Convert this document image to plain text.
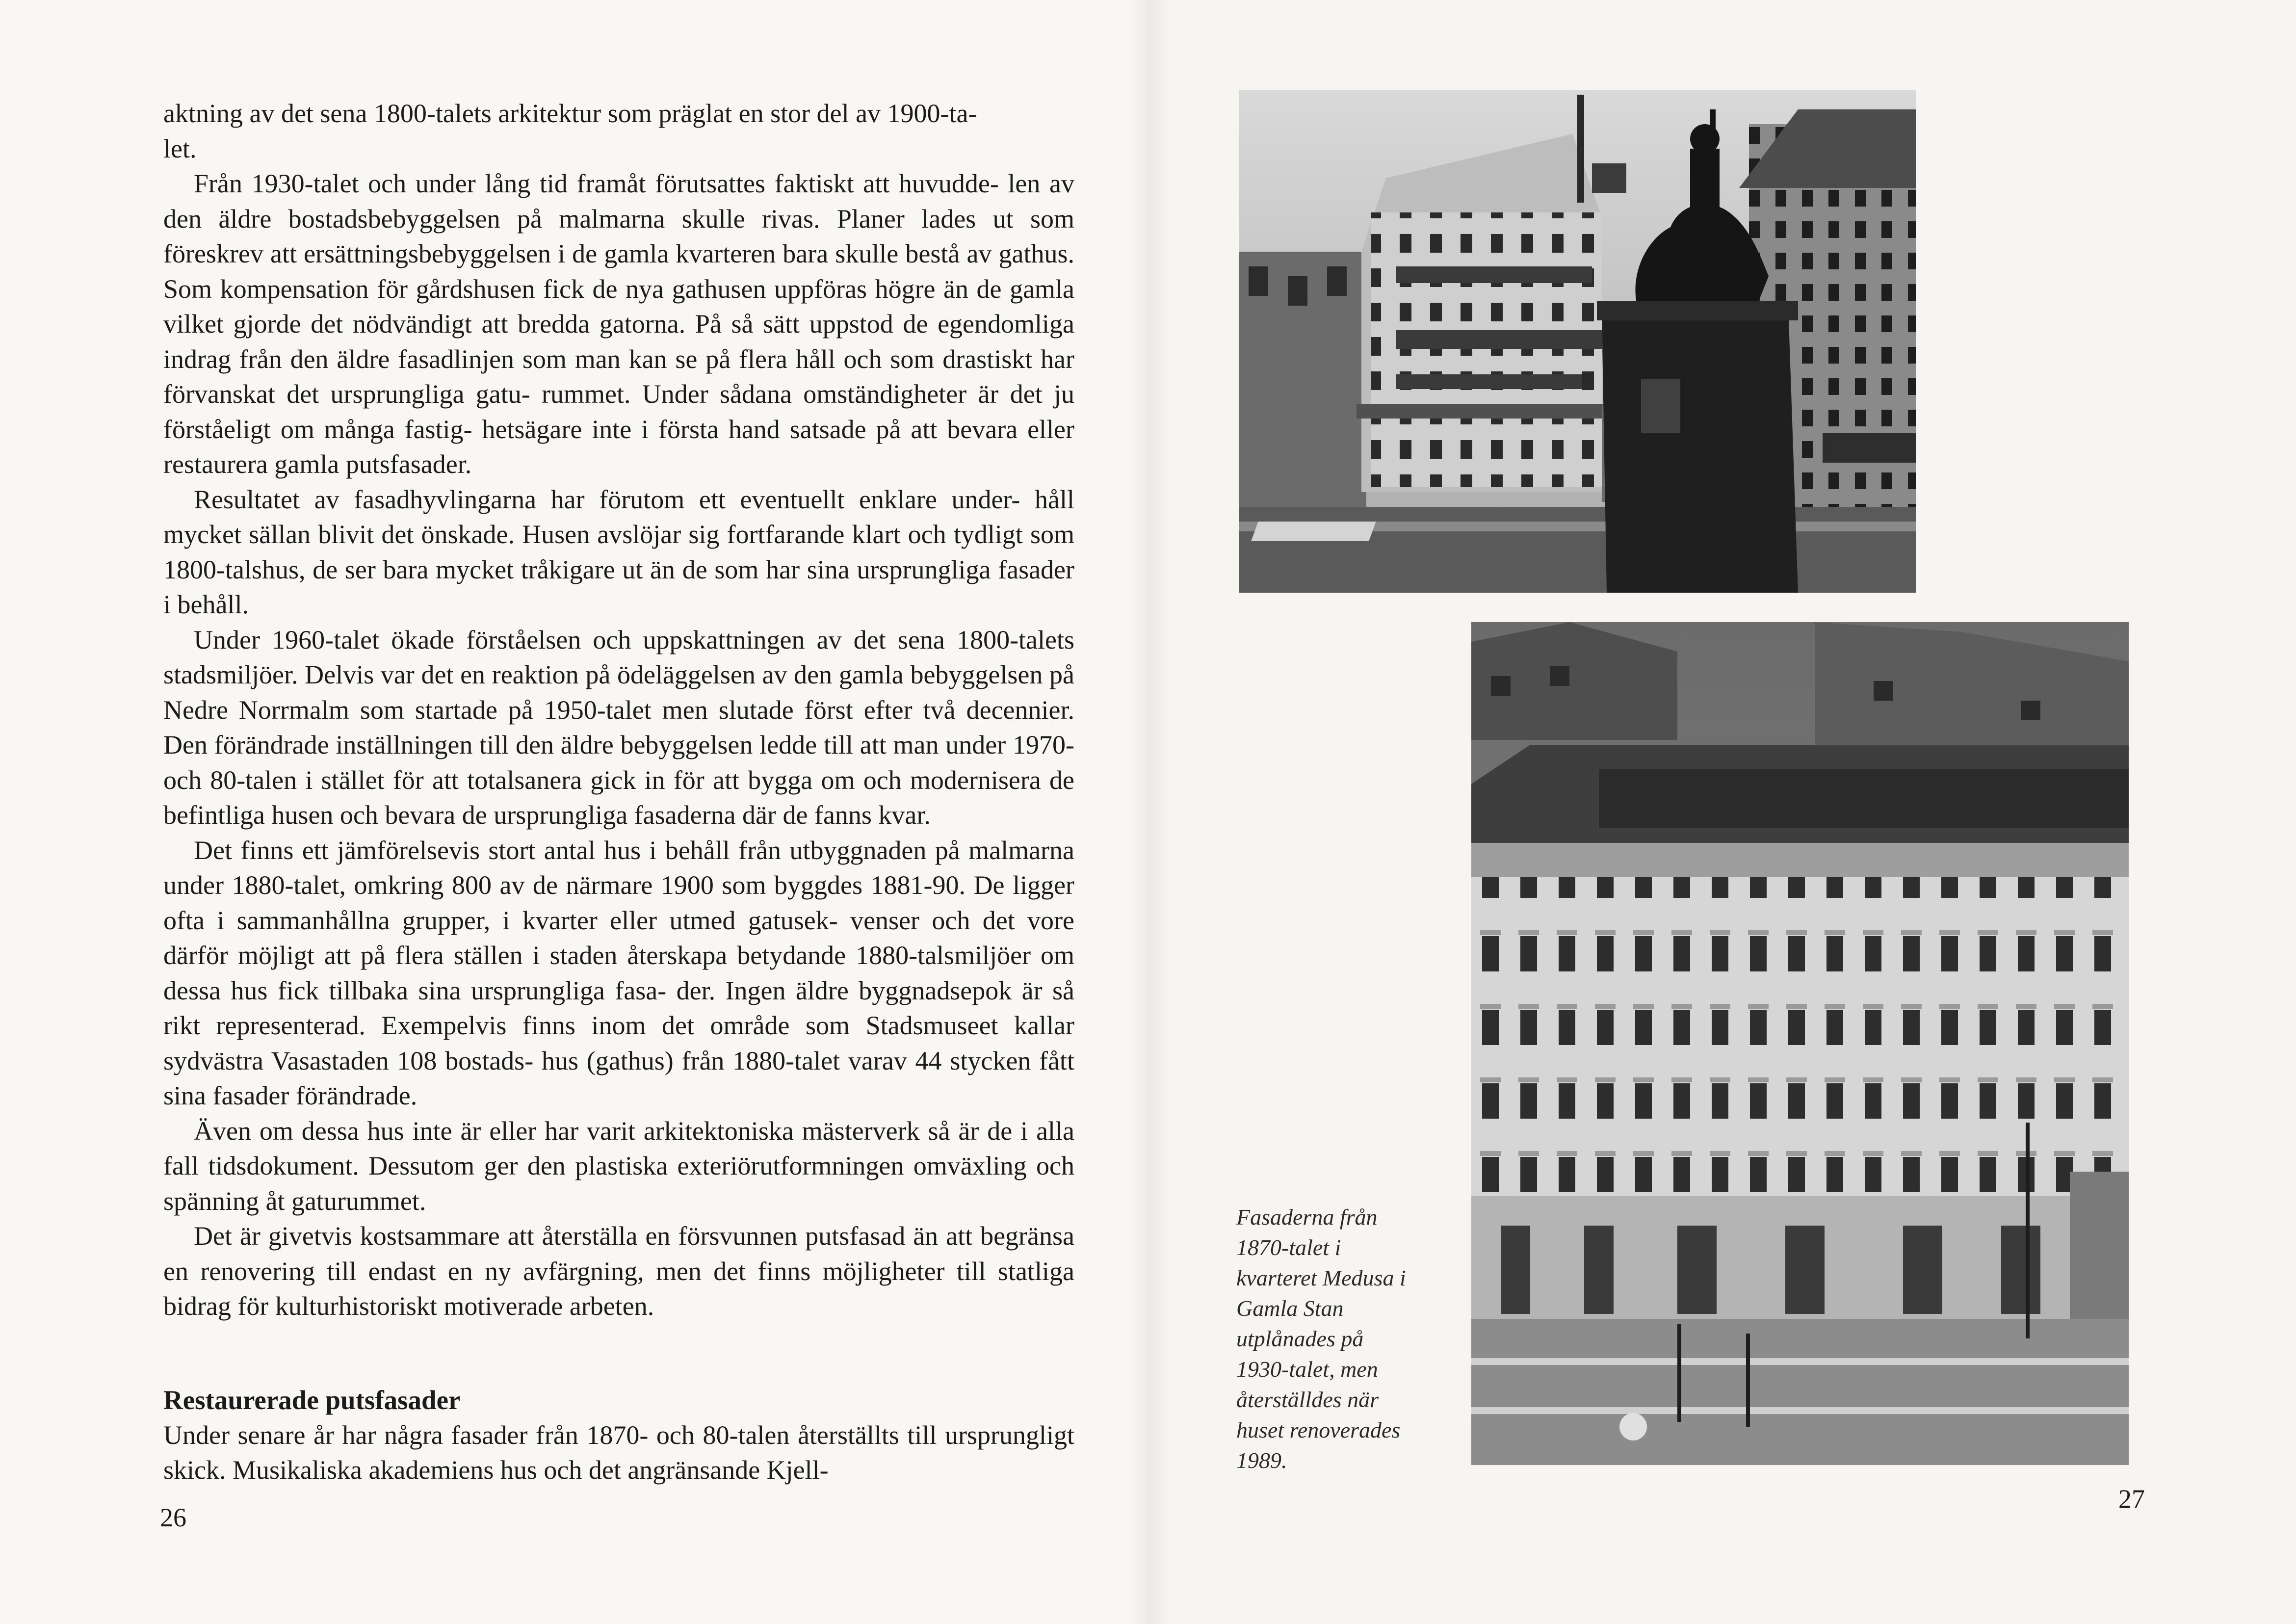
aktning av det sena 1800-talets arkitektur som präglat en stor del av 1900-ta-
let.

Från 1930-talet och under lång tid framåt förutsattes faktiskt att huvudde- len av den äldre bostadsbebyggelsen på malmarna skulle rivas. Planer lades ut som föreskrev att ersättningsbebyggelsen i de gamla kvarteren bara skulle bestå av gathus. Som kompensation för gårdshusen fick de nya gathusen uppföras högre än de gamla vilket gjorde det nödvändigt att bredda gatorna. På så sätt uppstod de egendomliga indrag från den äldre fasadlinjen som man kan se på flera håll och som drastiskt har förvanskat det ursprungliga gatu- rummet. Under sådana omständigheter är det ju förståeligt om många fastig- hetsägare inte i första hand satsade på att bevara eller restaurera gamla putsfasader.

Resultatet av fasadhyvlingarna har förutom ett eventuellt enklare under- håll mycket sällan blivit det önskade. Husen avslöjar sig fortfarande klart och tydligt som 1800-talshus, de ser bara mycket tråkigare ut än de som har sina ursprungliga fasader i behåll.

Under 1960-talet ökade förståelsen och uppskattningen av det sena 1800-talets stadsmiljöer. Delvis var det en reaktion på ödeläggelsen av den gamla bebyggelsen på Nedre Norrmalm som startade på 1950-talet men slutade först efter två decennier. Den förändrade inställningen till den äldre bebyggelsen ledde till att man under 1970- och 80-talen i stället för att totalsanera gick in för att bygga om och modernisera de befintliga husen och bevara de ursprungliga fasaderna där de fanns kvar.

Det finns ett jämförelsevis stort antal hus i behåll från utbyggnaden på malmarna under 1880-talet, omkring 800 av de närmare 1900 som byggdes 1881-90. De ligger ofta i sammanhållna grupper, i kvarter eller utmed gatusek- venser och det vore därför möjligt att på flera ställen i staden återskapa betydande 1880-talsmiljöer om dessa hus fick tillbaka sina ursprungliga fasa- der. Ingen äldre byggnadsepok är så rikt representerad. Exempelvis finns inom det område som Stadsmuseet kallar sydvästra Vasastaden 108 bostads- hus (gathus) från 1880-talet varav 44 stycken fått sina fasader förändrade.

Även om dessa hus inte är eller har varit arkitektoniska mästerverk så är de i alla fall tidsdokument. Dessutom ger den plastiska exteriörutformningen omväxling och spänning åt gaturummet.

Det är givetvis kostsammare att återställa en försvunnen putsfasad än att begränsa en renovering till endast en ny avfärgning, men det finns möjligheter till statliga bidrag för kulturhistoriskt motiverade arbeten.

Restaurerade putsfasader

Under senare år har några fasader från 1870- och 80-talen återställts till ursprungligt skick. Musikaliska akademiens hus och det angränsande Kjell-

26
Fasaderna från
1870-talet i
kvarteret Medusa i
Gamla Stan
utplånades på
1930-talet, men
återställdes när
huset renoverades
1989.
27
